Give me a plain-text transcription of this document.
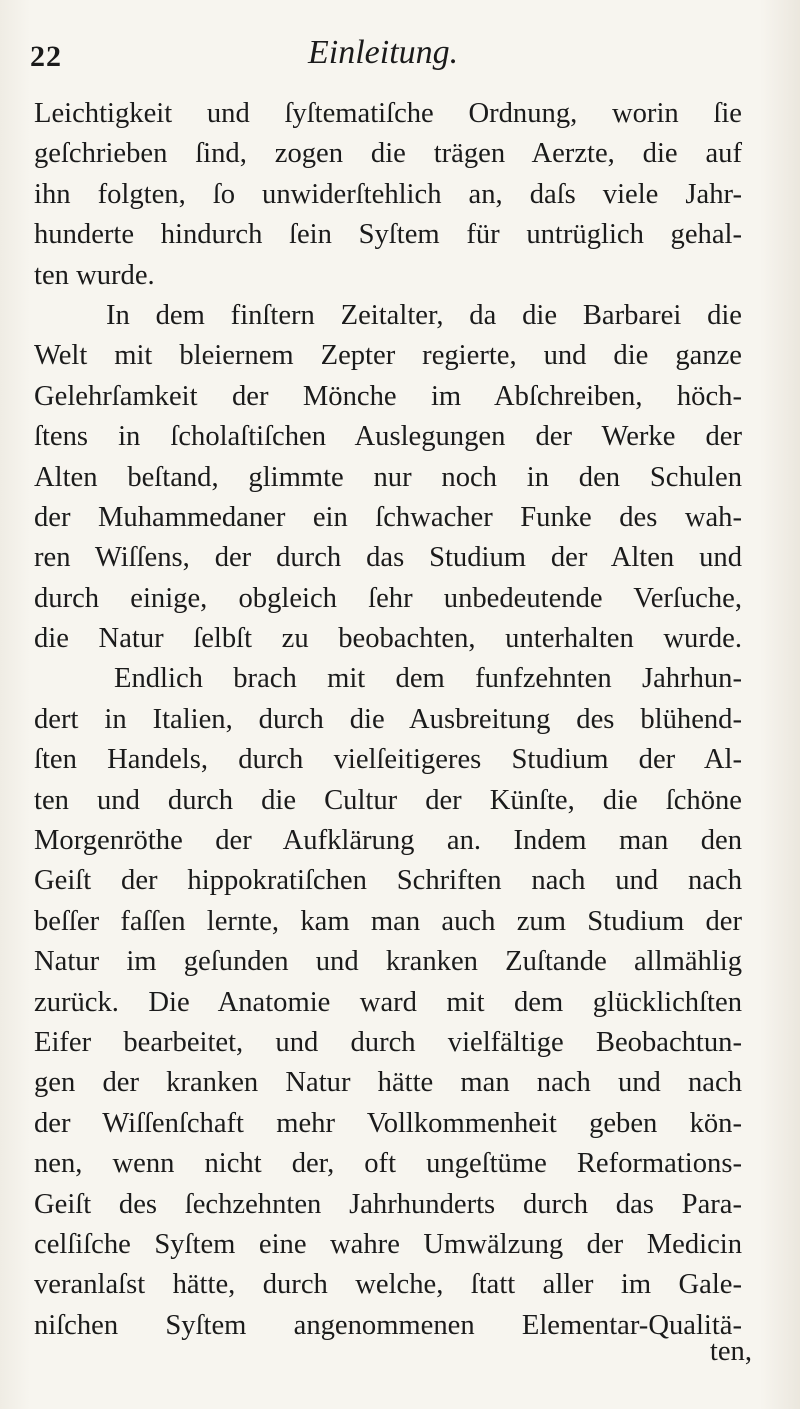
22	Einleitung.
Leichtigkeit und ſyſtematiſche Ordnung, worin ſie
geſchrieben ſind, zogen die trägen Aerzte, die auf
ihn folgten, ſo unwiderſtehlich an, daſs viele Jahr-
hunderte hindurch ſein Syſtem für untrüglich gehal-
ten wurde.
In dem finſtern Zeitalter, da die Barbarei die
Welt mit bleiernem Zepter regierte, und die ganze
Gelehrſamkeit der Mönche im Abſchreiben, höch-
ſtens in ſcholaſtiſchen Auslegungen der Werke der
Alten beſtand, glimmte nur noch in den Schulen
der Muhammedaner ein ſchwacher Funke des wah-
ren Wiſſens, der durch das Studium der Alten und
durch einige, obgleich ſehr unbedeutende Verſuche,
die Natur ſelbſt zu beobachten, unterhalten wurde.
Endlich brach mit dem funfzehnten Jahrhun-
dert in Italien, durch die Ausbreitung des blühend-
ſten Handels, durch vielſeitigeres Studium der Al-
ten und durch die Cultur der Künſte, die ſchöne
Morgenröthe der Aufklärung an. Indem man den
Geiſt der hippokratiſchen Schriften nach und nach
beſſer faſſen lernte, kam man auch zum Studium der
Natur im geſunden und kranken Zuſtande allmählig
zurück. Die Anatomie ward mit dem glücklichſten
Eifer bearbeitet, und durch vielfältige Beobachtun-
gen der kranken Natur hätte man nach und nach
der Wiſſenſchaft mehr Vollkommenheit geben kön-
nen, wenn nicht der, oft ungeſtüme Reformations-
Geiſt des ſechzehnten Jahrhunderts durch das Para-
celſiſche Syſtem eine wahre Umwälzung der Medicin
veranlaſst hätte, durch welche, ſtatt aller im Gale-
niſchen Syſtem angenommenen Elementar-Qualitä-
ten,
